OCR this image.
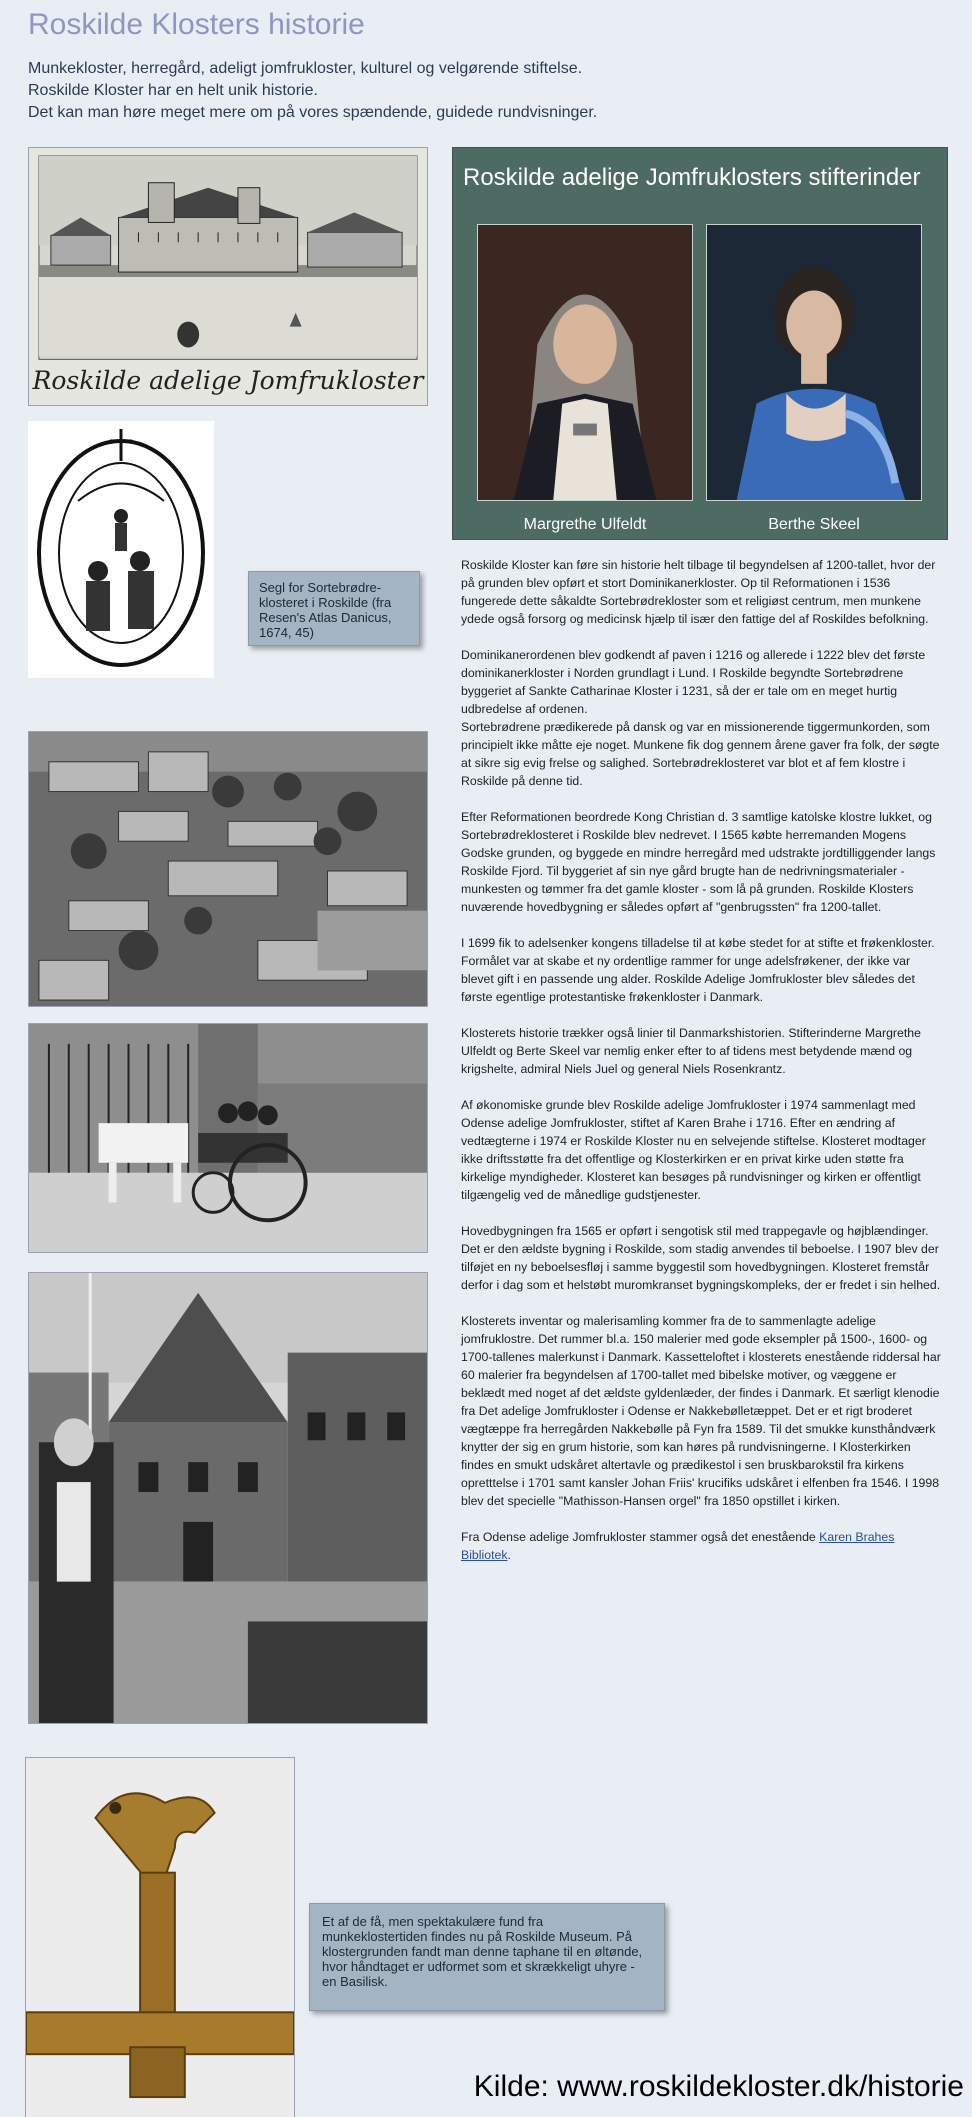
Roskilde Klosters historie
Munkekloster, herregård, adeligt jomfrukloster, kulturel og velgørende stiftelse.
Roskilde Kloster har en helt unik historie.
Det kan man høre meget mere om på vores spændende, guidede rundvisninger.
Roskilde adelige Jomfrukloster
Segl for Sortebrødre-klosteret i Roskilde (fra Resen's Atlas Danicus, 1674, 45)
Roskilde adelige Jomfruklosters stifterinder
Margrethe Ulfeldt	Berthe Skeel
Et af de få, men spektakulære fund fra munkeklostertiden findes nu på Roskilde Museum. På klostergrunden fandt man denne taphane til en øltønde, hvor håndtaget er udformet som et skrækkeligt uhyre - en Basilisk.

Roskilde Kloster kan føre sin historie helt tilbage til begyndelsen af 1200-tallet, hvor der på grunden blev opført et stort Dominikanerkloster. Op til Reformationen i 1536 fungerede dette såkaldte Sortebrødrekloster som et religiøst centrum, men munkene ydede også forsorg og medicinsk hjælp til især den fattige del af Roskildes befolkning.

Dominikanerordenen blev godkendt af paven i 1216 og allerede i 1222 blev det første dominikanerkloster i Norden grundlagt i Lund. I Roskilde begyndte Sortebrødrene byggeriet af Sankte Catharinae Kloster i 1231, så der er tale om en meget hurtig udbredelse af ordenen.

Sortebrødrene prædikerede på dansk og var en missionerende tiggermunkorden, som principielt ikke måtte eje noget. Munkene fik dog gennem årene gaver fra folk, der søgte at sikre sig evig frelse og salighed. Sortebrødreklosteret var blot et af fem klostre i Roskilde på denne tid.

Efter Reformationen beordrede Kong Christian d. 3 samtlige katolske klostre lukket, og Sortebrødreklosteret i Roskilde blev nedrevet. I 1565 købte herremanden Mogens Godske grunden, og byggede en mindre herregård med udstrakte jordtilliggender langs Roskilde Fjord. Til byggeriet af sin nye gård brugte han de nedrivningsmaterialer - munkesten og tømmer fra det gamle kloster - som lå på grunden. Roskilde Klosters nuværende hovedbygning er således opført af "genbrugssten" fra 1200-tallet.

I 1699 fik to adelsenker kongens tilladelse til at købe stedet for at stifte et frøkenkloster. Formålet var at skabe et ny ordentlige rammer for unge adelsfrøkener, der ikke var blevet gift i en passende ung alder. Roskilde Adelige Jomfrukloster blev således det første egentlige protestantiske frøkenkloster i Danmark.

Klosterets historie trækker også linier til Danmarkshistorien. Stifterinderne Margrethe Ulfeldt og Berte Skeel var nemlig enker efter to af tidens mest betydende mænd og krigshelte, admiral Niels Juel og general Niels Rosenkrantz.

Af økonomiske grunde blev Roskilde adelige Jomfrukloster i 1974 sammenlagt med Odense adelige Jomfrukloster, stiftet af Karen Brahe i 1716. Efter en ændring af vedtægterne i 1974 er Roskilde Kloster nu en selvejende stiftelse. Klosteret modtager ikke driftsstøtte fra det offentlige og Klosterkirken er en privat kirke uden støtte fra kirkelige myndigheder. Klosteret kan besøges på rundvisninger og kirken er offentligt tilgængelig ved de månedlige gudstjenester.

Hovedbygningen fra 1565 er opført i sengotisk stil med trappegavle og højblændinger. Det er den ældste bygning i Roskilde, som stadig anvendes til beboelse. I 1907 blev der tilføjet en ny beboelsesfløj i samme byggestil som hovedbygningen. Klosteret fremstår derfor i dag som et helstøbt muromkranset bygningskompleks, der er fredet i sin helhed.

Klosterets inventar og malerisamling kommer fra de to sammenlagte adelige jomfruklostre. Det rummer bl.a. 150 malerier med gode eksempler på 1500-, 1600- og 1700-tallenes malerkunst i Danmark. Kassetteloftet i klosterets enestående riddersal har 60 malerier fra begyndelsen af 1700-tallet med bibelske motiver, og væggene er beklædt med noget af det ældste gyldenlæder, der findes i Danmark. Et særligt klenodie fra Det adelige Jomfrukloster i Odense er Nakkebølletæppet. Det er et rigt broderet vægtæppe fra herregården Nakkebølle på Fyn fra 1589. Til det smukke kunsthåndværk knytter der sig en grum historie, som kan høres på rundvisningerne. I Klosterkirken findes en smukt udskåret altertavle og prædikestol i sen bruskbarokstil fra kirkens opretttelse i 1701 samt kansler Johan Friis' krucifiks udskåret i elfenben fra 1546. I 1998 blev det specielle "Mathisson-Hansen orgel" fra 1850 opstillet i kirken.

Fra Odense adelige Jomfrukloster stammer også det enestående Karen Brahes Bibliotek.

Kilde: www.roskildekloster.dk/historie
